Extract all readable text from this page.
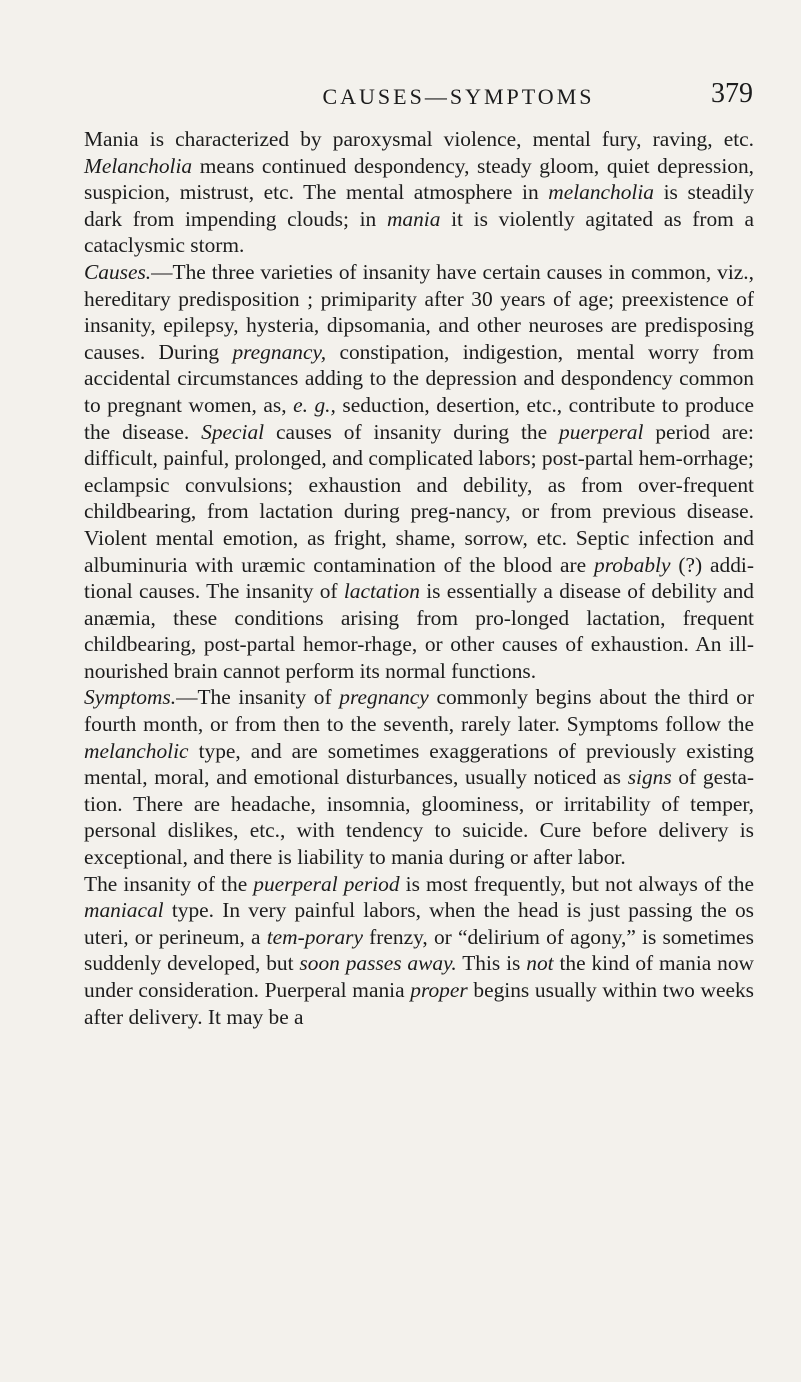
CAUSES—SYMPTOMS	379

Mania is characterized by paroxysmal violence, mental fury, raving, etc. Melancholia means continued despondency, steady gloom, quiet depression, suspicion, mistrust, etc. The mental atmosphere in melancholia is steadily dark from impending clouds; in mania it is violently agitated as from a cataclysmic storm.

Causes.—The three varieties of insanity have certain causes in common, viz., hereditary predisposition ; primiparity after 30 years of age; preexistence of insanity, epilepsy, hysteria, dipsomania, and other neuroses are predisposing causes. During pregnancy, constipation, indigestion, mental worry from accidental circumstances adding to the depression and despondency common to pregnant women, as, e. g., seduction, desertion, etc., contribute to produce the disease. Special causes of insanity during the puerperal period are: difficult, painful, prolonged, and complicated labors; post-partal hem-orrhage; eclampsic convulsions; exhaustion and debility, as from over-frequent childbearing, from lactation during preg-nancy, or from previous disease. Violent mental emotion, as fright, shame, sorrow, etc. Septic infection and albuminuria with uræmic contamination of the blood are probably (?) addi-tional causes. The insanity of lactation is essentially a disease of debility and anæmia, these conditions arising from pro-longed lactation, frequent childbearing, post-partal hemor-rhage, or other causes of exhaustion. An ill-nourished brain cannot perform its normal functions.

Symptoms.—The insanity of pregnancy commonly begins about the third or fourth month, or from then to the seventh, rarely later. Symptoms follow the melancholic type, and are sometimes exaggerations of previously existing mental, moral, and emotional disturbances, usually noticed as signs of gesta-tion. There are headache, insomnia, gloominess, or irritability of temper, personal dislikes, etc., with tendency to suicide. Cure before delivery is exceptional, and there is liability to mania during or after labor.

The insanity of the puerperal period is most frequently, but not always of the maniacal type. In very painful labors, when the head is just passing the os uteri, or perineum, a tem-porary frenzy, or “delirium of agony,” is sometimes suddenly developed, but soon passes away. This is not the kind of mania now under consideration. Puerperal mania proper begins usually within two weeks after delivery. It may be a
